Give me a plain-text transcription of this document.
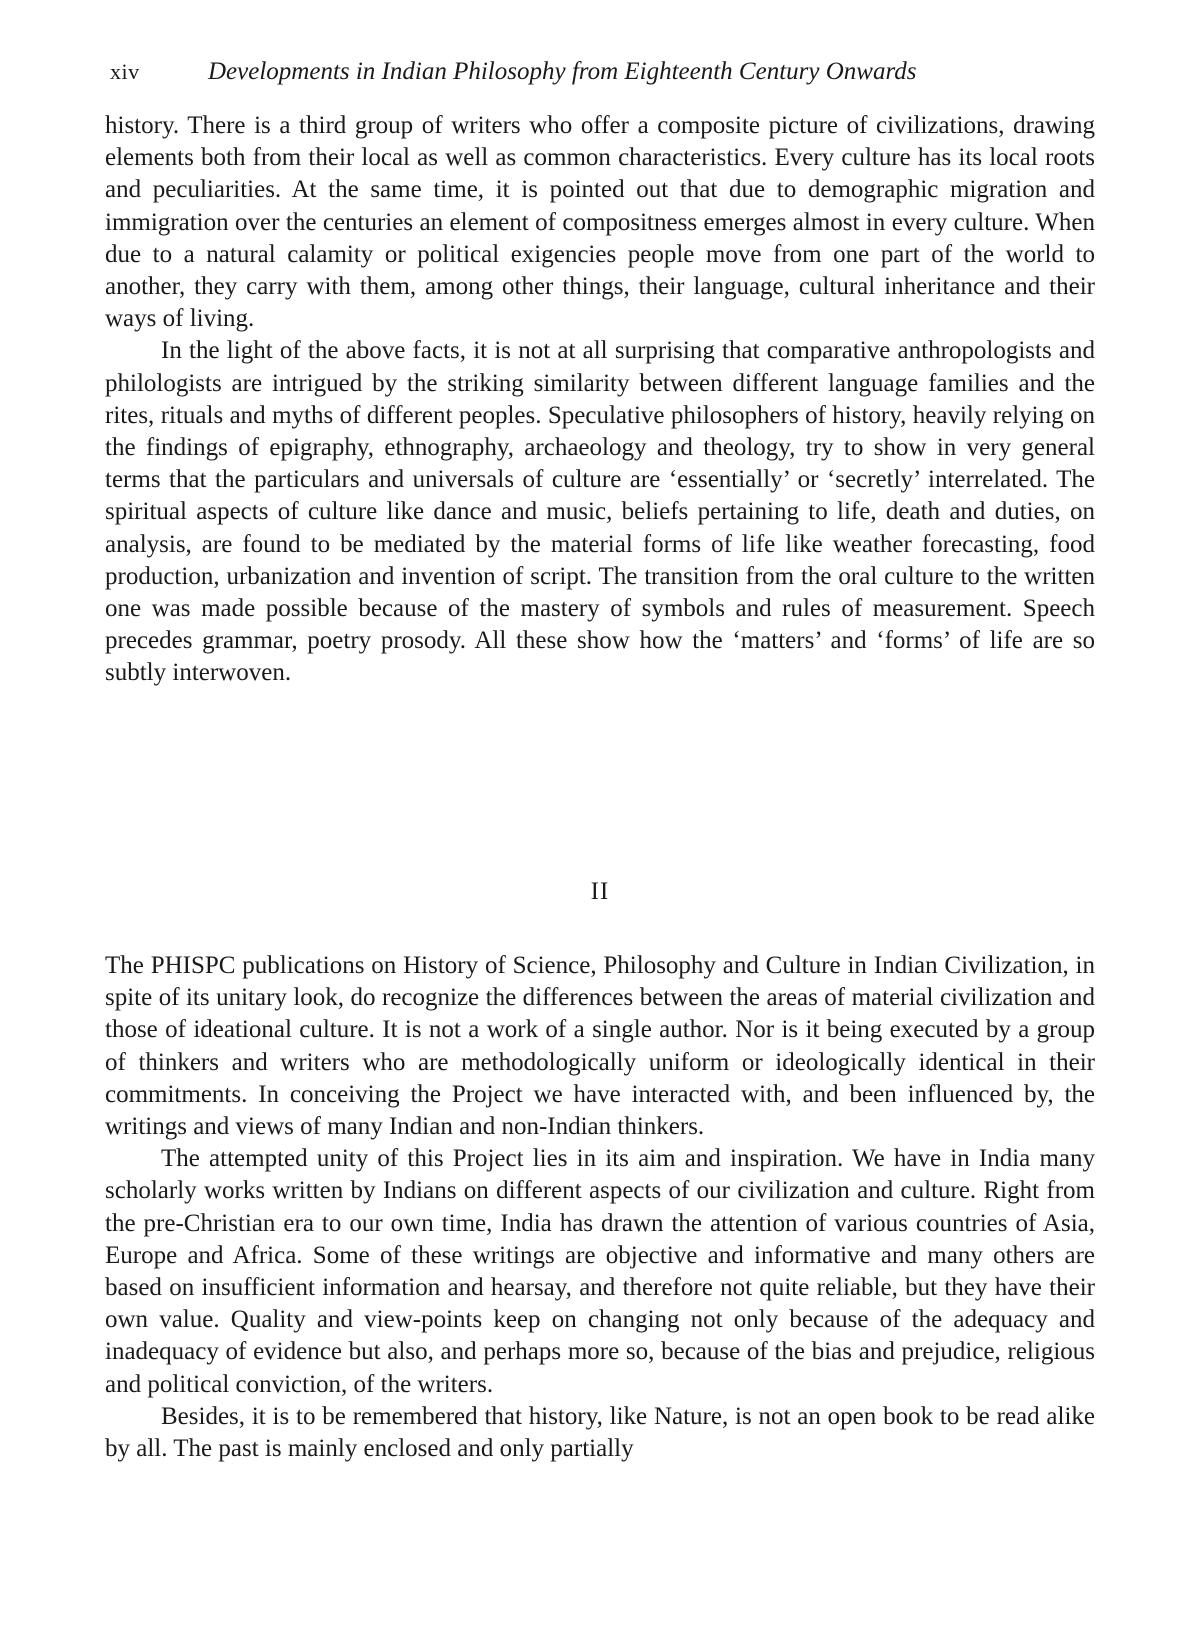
xiv	Developments in Indian Philosophy from Eighteenth Century Onwards

history. There is a third group of writers who offer a composite picture of civilizations, drawing elements both from their local as well as common characteristics. Every culture has its local roots and peculiarities. At the same time, it is pointed out that due to demographic migration and immigration over the centuries an element of compositness emerges almost in every culture. When due to a natural calamity or political exigencies people move from one part of the world to another, they carry with them, among other things, their language, cultural inheritance and their ways of living.

In the light of the above facts, it is not at all surprising that comparative anthropologists and philologists are intrigued by the striking similarity between different language families and the rites, rituals and myths of different peoples. Speculative philosophers of history, heavily relying on the findings of epigraphy, ethnography, archaeology and theology, try to show in very general terms that the particulars and universals of culture are ‘essentially’ or ‘secretly’ interrelated. The spiritual aspects of culture like dance and music, beliefs pertaining to life, death and duties, on analysis, are found to be mediated by the material forms of life like weather forecasting, food production, urbanization and invention of script. The transition from the oral culture to the written one was made possible because of the mastery of symbols and rules of measurement. Speech precedes grammar, poetry prosody. All these show how the ‘matters’ and ‘forms’ of life are so subtly interwoven.

II

The PHISPC publications on History of Science, Philosophy and Culture in Indian Civilization, in spite of its unitary look, do recognize the differences between the areas of material civilization and those of ideational culture. It is not a work of a single author. Nor is it being executed by a group of thinkers and writers who are methodologically uniform or ideologically identical in their commitments. In conceiving the Project we have interacted with, and been influenced by, the writings and views of many Indian and non-Indian thinkers.

The attempted unity of this Project lies in its aim and inspiration. We have in India many scholarly works written by Indians on different aspects of our civilization and culture. Right from the pre-Christian era to our own time, India has drawn the attention of various countries of Asia, Europe and Africa. Some of these writings are objective and informative and many others are based on insufficient information and hearsay, and therefore not quite reliable, but they have their own value. Quality and view-points keep on changing not only because of the adequacy and inadequacy of evidence but also, and perhaps more so, because of the bias and prejudice, religious and political conviction, of the writers.

Besides, it is to be remembered that history, like Nature, is not an open book to be read alike by all. The past is mainly enclosed and only partially
